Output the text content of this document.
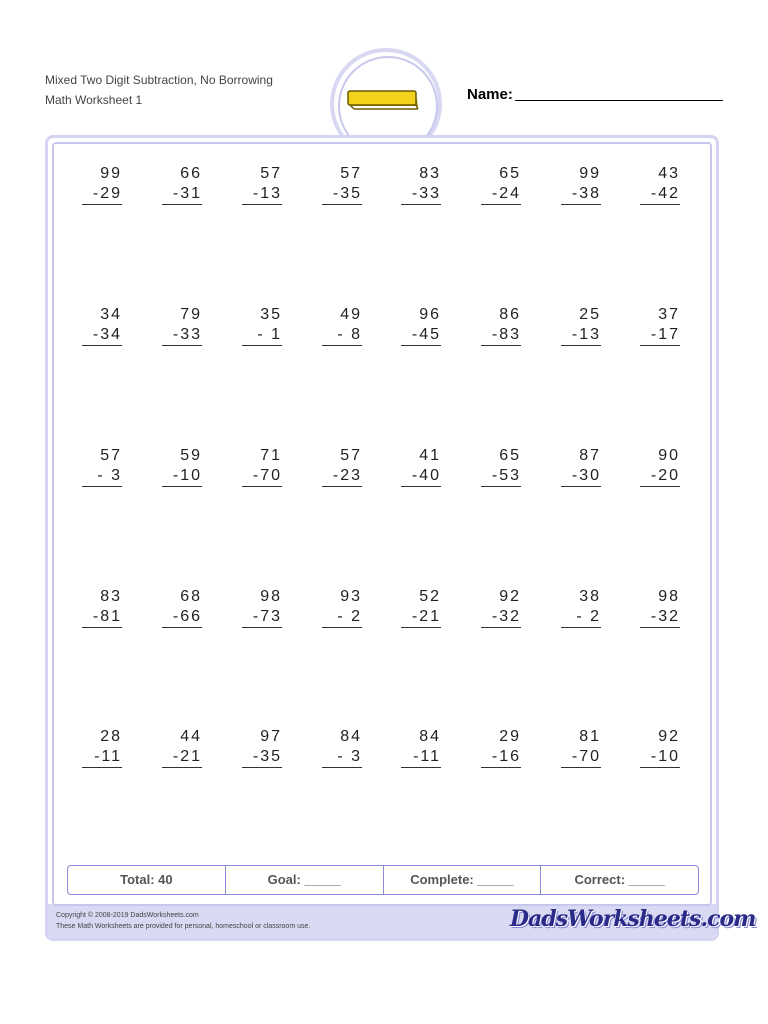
Mixed Two Digit Subtraction, No Borrowing
Math Worksheet 1	Name:
99
-29
66
-31
57
-13
57
-35
83
-33
65
-24
99
-38
43
-42
34
-34
79
-33
35
- 1
49
- 8
96
-45
86
-83
25
-13
37
-17
57
- 3
59
-10
71
-70
57
-23
41
-40
65
-53
87
-30
90
-20
83
-81
68
-66
98
-73
93
- 2
52
-21
92
-32
38
- 2
98
-32
28
-11
44
-21
97
-35
84
- 3
84
-11
29
-16
81
-70
92
-10
Total: 40	Goal: _____	Complete: _____	Correct: _____
Copyright © 2008-2019 DadsWorksheets.com
These Math Worksheets are provided for personal, homeschool or classroom use.	DadsWorksheets.com
